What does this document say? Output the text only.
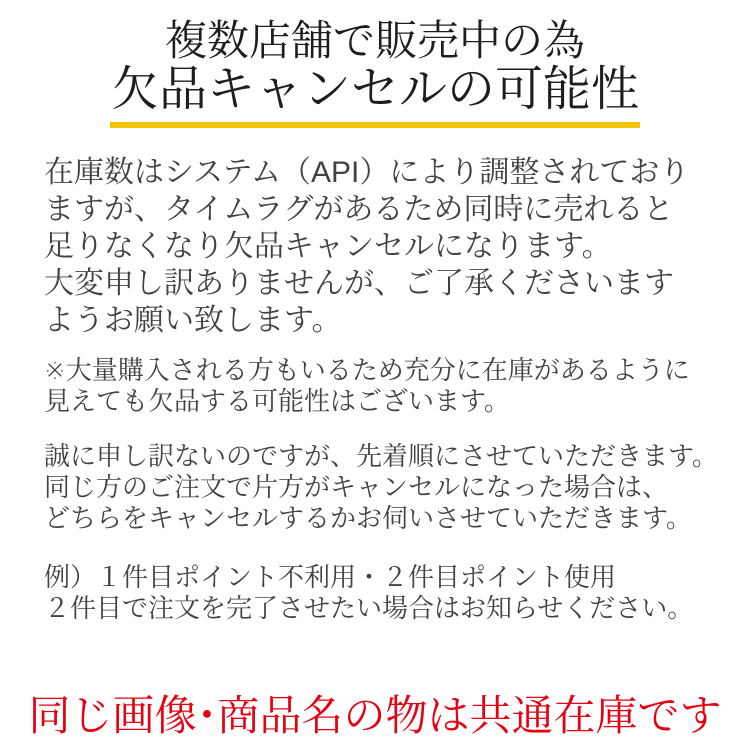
複数店舗で販売中の為
欠品キャンセルの可能性
在庫数はシステム（API）により調整されており
ますが、タイムラグがあるため同時に売れると
足りなくなり欠品キャンセルになります。
大変申し訳ありませんが、ご了承くださいます
ようお願い致します。
※大量購入される方もいるため充分に在庫があるように
見えても欠品する可能性はございます。
誠に申し訳ないのですが、先着順にさせていただきます。
同じ方のご注文で片方がキャンセルになった場合は、
どちらをキャンセルするかお伺いさせていただきます。
例）１件目ポイント不利用・２件目ポイント使用
２件目で注文を完了させたい場合はお知らせください。
同じ画像･商品名の物は共通在庫です
